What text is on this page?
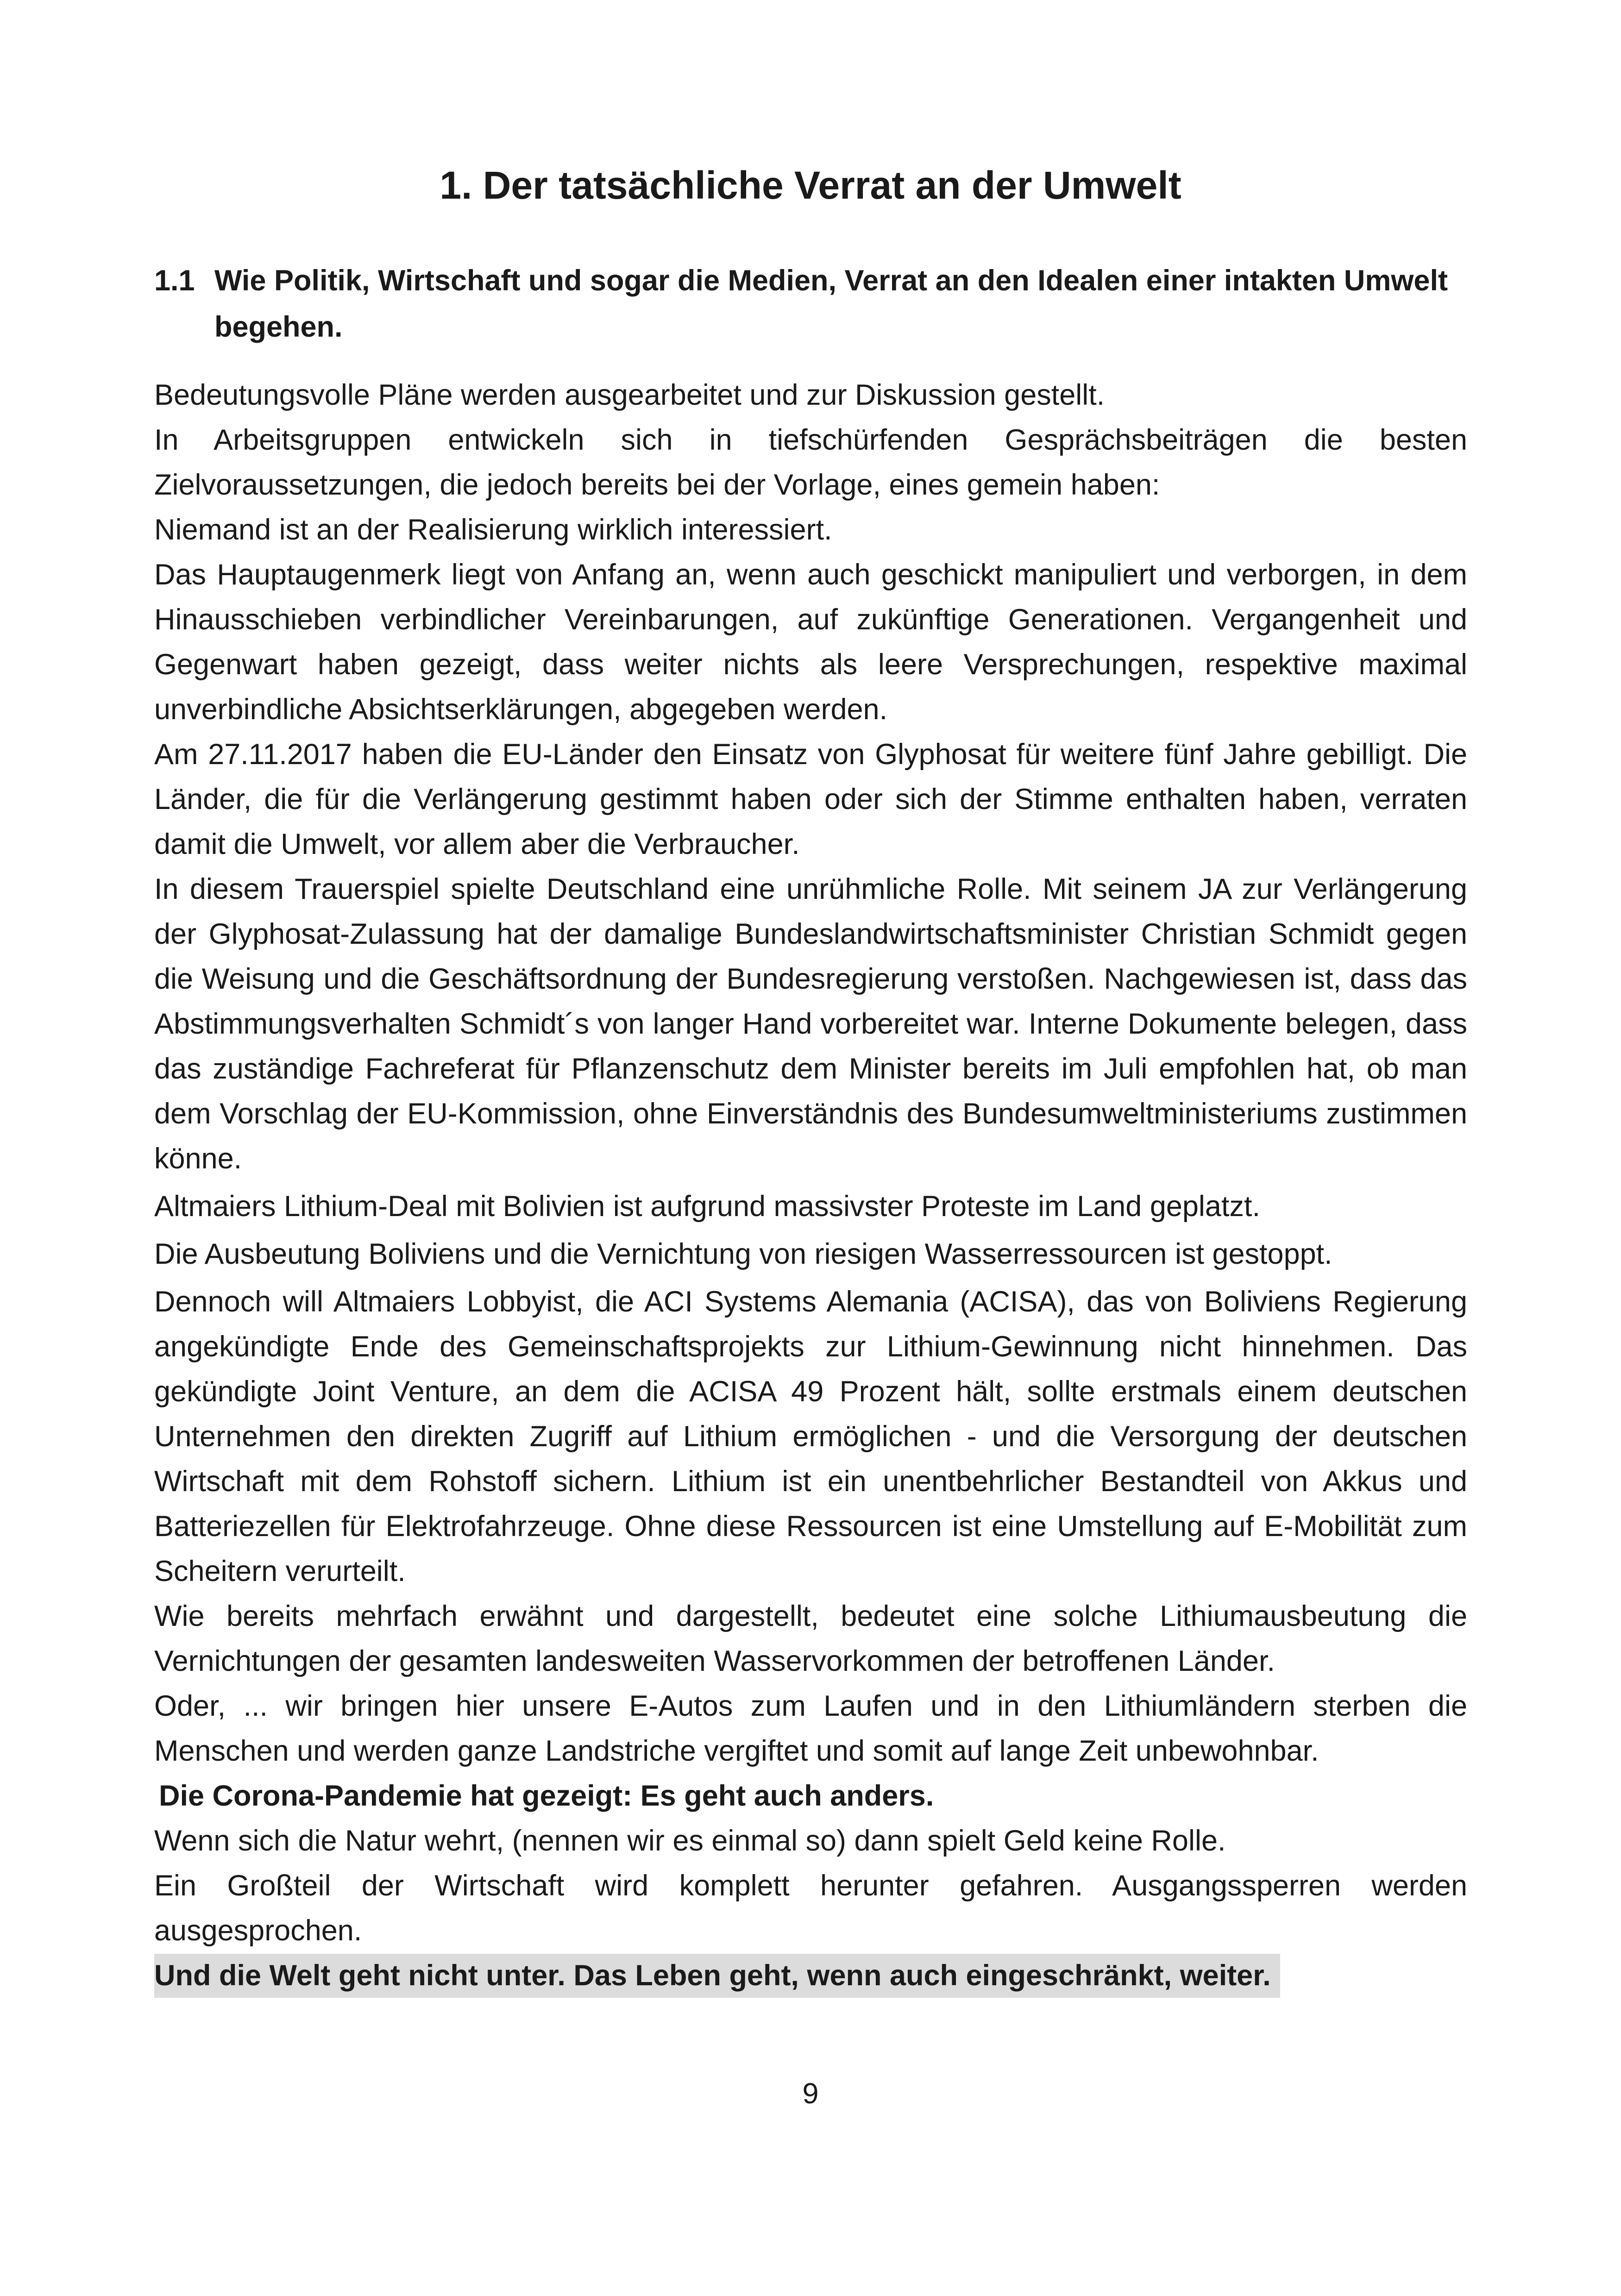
1. Der tatsächliche Verrat an der Umwelt
1.1 Wie Politik, Wirtschaft und sogar die Medien, Verrat an den Idealen einer intakten Umwelt begehen.

Bedeutungsvolle Pläne werden ausgearbeitet und zur Diskussion gestellt.

In Arbeitsgruppen entwickeln sich in tiefschürfenden Gesprächsbeiträgen die besten Zielvoraussetzungen, die jedoch bereits bei der Vorlage, eines gemein haben:

Niemand ist an der Realisierung wirklich interessiert.

Das Hauptaugenmerk liegt von Anfang an, wenn auch geschickt manipuliert und verborgen, in dem Hinausschieben verbindlicher Vereinbarungen, auf zukünftige Generationen. Vergangenheit und Gegenwart haben gezeigt, dass weiter nichts als leere Versprechungen, respektive maximal unverbindliche Absichtserklärungen, abgegeben werden.

Am 27.11.2017 haben die EU-Länder den Einsatz von Glyphosat für weitere fünf Jahre gebilligt. Die Länder, die für die Verlängerung gestimmt haben oder sich der Stimme enthalten haben, verraten damit die Umwelt, vor allem aber die Verbraucher.

In diesem Trauerspiel spielte Deutschland eine unrühmliche Rolle. Mit seinem JA zur Verlängerung der Glyphosat-Zulassung hat der damalige Bundeslandwirtschaftsminister Christian Schmidt gegen die Weisung und die Geschäftsordnung der Bundesregierung verstoßen. Nachgewiesen ist, dass das Abstimmungsverhalten Schmidt´s von langer Hand vorbereitet war. Interne Dokumente belegen, dass das zuständige Fachreferat für Pflanzenschutz dem Minister bereits im Juli empfohlen hat, ob man dem Vorschlag der EU-Kommission, ohne Einverständnis des Bundesumweltministeriums zustimmen könne.

Altmaiers Lithium-Deal mit Bolivien ist aufgrund massivster Proteste im Land geplatzt.

Die Ausbeutung Boliviens und die Vernichtung von riesigen Wasserressourcen ist gestoppt.

Dennoch will Altmaiers Lobbyist, die ACI Systems Alemania (ACISA), das von Boliviens Regierung angekündigte Ende des Gemeinschaftsprojekts zur Lithium-Gewinnung nicht hinnehmen. Das gekündigte Joint Venture, an dem die ACISA 49 Prozent hält, sollte erstmals einem deutschen Unternehmen den direkten Zugriff auf Lithium ermöglichen - und die Versorgung der deutschen Wirtschaft mit dem Rohstoff sichern. Lithium ist ein unentbehrlicher Bestandteil von Akkus und Batteriezellen für Elektrofahrzeuge. Ohne diese Ressourcen ist eine Umstellung auf E-Mobilität zum Scheitern verurteilt.

Wie bereits mehrfach erwähnt und dargestellt, bedeutet eine solche Lithiumausbeutung die Vernichtungen der gesamten landesweiten Wasservorkommen der betroffenen Länder.

Oder, ... wir bringen hier unsere E-Autos zum Laufen und in den Lithiumländern sterben die Menschen und werden ganze Landstriche vergiftet und somit auf lange Zeit unbewohnbar.

Die Corona-Pandemie hat gezeigt: Es geht auch anders.

Wenn sich die Natur wehrt, (nennen wir es einmal so) dann spielt Geld keine Rolle.

Ein Großteil der Wirtschaft wird komplett herunter gefahren. Ausgangssperren werden ausgesprochen.

Und die Welt geht nicht unter. Das Leben geht, wenn auch eingeschränkt, weiter.

9
